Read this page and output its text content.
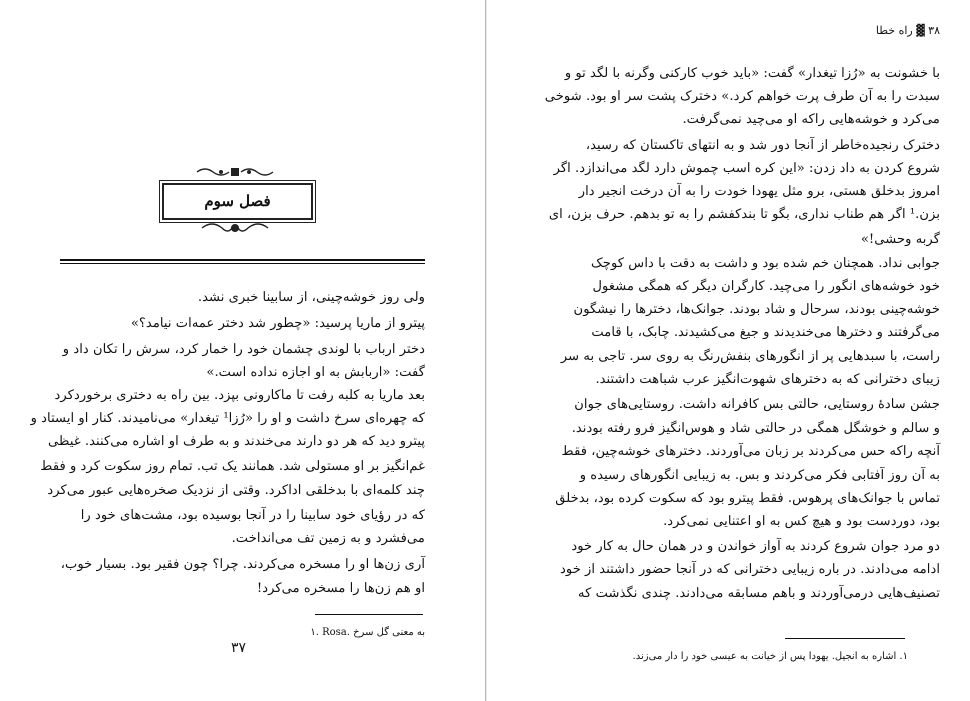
فصل سوم
ولی روز خوشه‌چینی، از سابینا خبری نشد.
پیترو از ماریا پرسید: «چطور شد دختر عمه‌ات نیامد؟»
دختر ارباب با لوندی چشمان خود را خمار کرد، سرش را تکان داد و
گفت: «اربابش به او اجازه نداده است.»
بعد ماریا به کلبه رفت تا ماکارونی بپزد. بین راه به دختری برخوردکرد
که چهره‌ای سرخ داشت و او را «رُزا¹ تیغدار» می‌نامیدند. کنار او ایستاد و
پیترو دید که هر دو دارند می‌خندند و به طرف او اشاره می‌کنند. غیظی
غم‌انگیز بر او مستولی شد. همانند یک تب. تمام روز سکوت کرد و فقط
چند کلمه‌ای با بدخلقی اداکرد. وقتی از نزدیک صخره‌هایی عبور می‌کرد
که در رؤیای خود سابینا را در آنجا بوسیده بود، مشت‌های خود را
می‌فشرد و به زمین تف می‌انداخت.
آری زن‌ها او را مسخره می‌کردند. چرا؟ چون فقیر بود. بسیار خوب،
او هم زن‌ها را مسخره می‌کرد!
۱. Rosa. به معنی گل سرخ
۳۷
۳۸ ▓ راه خطا
با خشونت به «رُزا تیغدار» گفت: «باید خوب کارکنی وگرنه با لگد تو و
سبدت را به آن طرف پرت خواهم کرد.» دخترک پشت سر او بود. شوخی
می‌کرد و خوشه‌هایی راکه او می‌چید نمی‌گرفت.
دخترک رنجیده‌خاطر از آنجا دور شد و به انتهای تاکستان که رسید،
شروع کردن به داد زدن: «این کره اسب چموش دارد لگد می‌اندازد. اگر
امروز بدخلق هستی، برو مثل یهودا خودت را به آن درخت انجیر دار
بزن.¹ اگر هم طناب نداری، بگو تا بندکفشم را به تو بدهم. حرف بزن، ای
گربه وحشی!»
جوابی نداد. همچنان خم شده بود و داشت به دقت با داس کوچک
خود خوشه‌های انگور را می‌چید. کارگران دیگر که همگی مشغول
خوشه‌چینی بودند، سرحال و شاد بودند. جوانک‌ها، دخترها را نیشگون
می‌گرفتند و دخترها می‌خندیدند و جیغ می‌کشیدند. چابک، با قامت
راست، با سبدهایی پر از انگورهای بنفش‌رنگ به روی سر. تاجی به سر
زیبای دخترانی که به دخترهای شهوت‌انگیز عرب شباهت داشتند.
جشن سادهٔ روستایی، حالتی بس کافرانه داشت. روستایی‌های جوان
و سالم و خوشگل همگی در حالتی شاد و هوس‌انگیز فرو رفته بودند.
آنچه راکه حس می‌کردند بر زبان می‌آوردند. دخترهای خوشه‌چین، فقط
به آن روز آفتابی فکر می‌کردند و بس. به زیبایی انگورهای رسیده و
تماس با جوانک‌های پرهوس. فقط پیترو بود که سکوت کرده بود، بدخلق
بود، دوردست بود و هیچ کس به او اعتنایی نمی‌کرد.
دو مرد جوان شروع کردند به آواز خواندن و در همان حال به کار خود
ادامه می‌دادند. در باره زیبایی دخترانی که در آنجا حضور داشتند از خود
تصنیف‌هایی درمی‌آوردند و باهم مسابقه می‌دادند. چندی نگذشت که
۱. اشاره به انجیل. یهودا پس از خیانت به عیسی خود را دار می‌زند.
